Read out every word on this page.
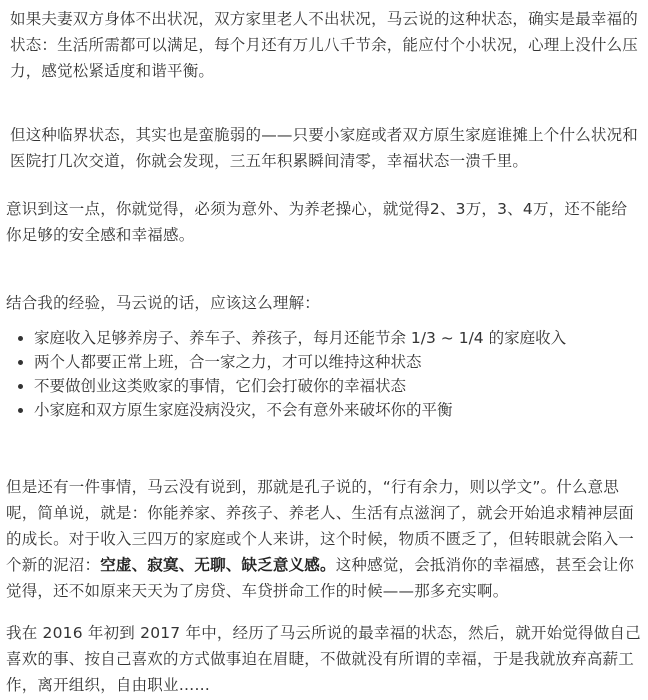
如果夫妻双方身体不出状况，双方家里老人不出状况，马云说的这种状态，确实是最幸福的状态：生活所需都可以满足，每个月还有万儿八千节余，能应付个小状况，心理上没什么压力，感觉松紧适度和谐平衡。

但这种临界状态，其实也是蛮脆弱的——只要小家庭或者双方原生家庭谁摊上个什么状况和医院打几次交道，你就会发现，三五年积累瞬间清零，幸福状态一溃千里。

意识到这一点，你就觉得，必须为意外、为养老操心，就觉得2、3万，3、4万，还不能给你足够的安全感和幸福感。

结合我的经验，马云说的话，应该这么理解：

家庭收入足够养房子、养车子、养孩子，每月还能节余 1/3 ~ 1/4 的家庭收入
两个人都要正常上班，合一家之力，才可以维持这种状态
不要做创业这类败家的事情，它们会打破你的幸福状态
小家庭和双方原生家庭没病没灾，不会有意外来破坏你的平衡

但是还有一件事情，马云没有说到，那就是孔子说的，“行有余力，则以学文”。什么意思呢，简单说，就是：你能养家、养孩子、养老人、生活有点滋润了，就会开始追求精神层面的成长。对于收入三四万的家庭或个人来讲，这个时候，物质不匮乏了，但转眼就会陷入一个新的泥沼：空虚、寂寞、无聊、缺乏意义感。这种感觉，会抵消你的幸福感，甚至会让你觉得，还不如原来天天为了房贷、车贷拼命工作的时候——那多充实啊。

我在 2016 年初到 2017 年中，经历了马云所说的最幸福的状态，然后，就开始觉得做自己喜欢的事、按自己喜欢的方式做事迫在眉睫，不做就没有所谓的幸福，于是我就放弃高薪工作，离开组织，自由职业……
